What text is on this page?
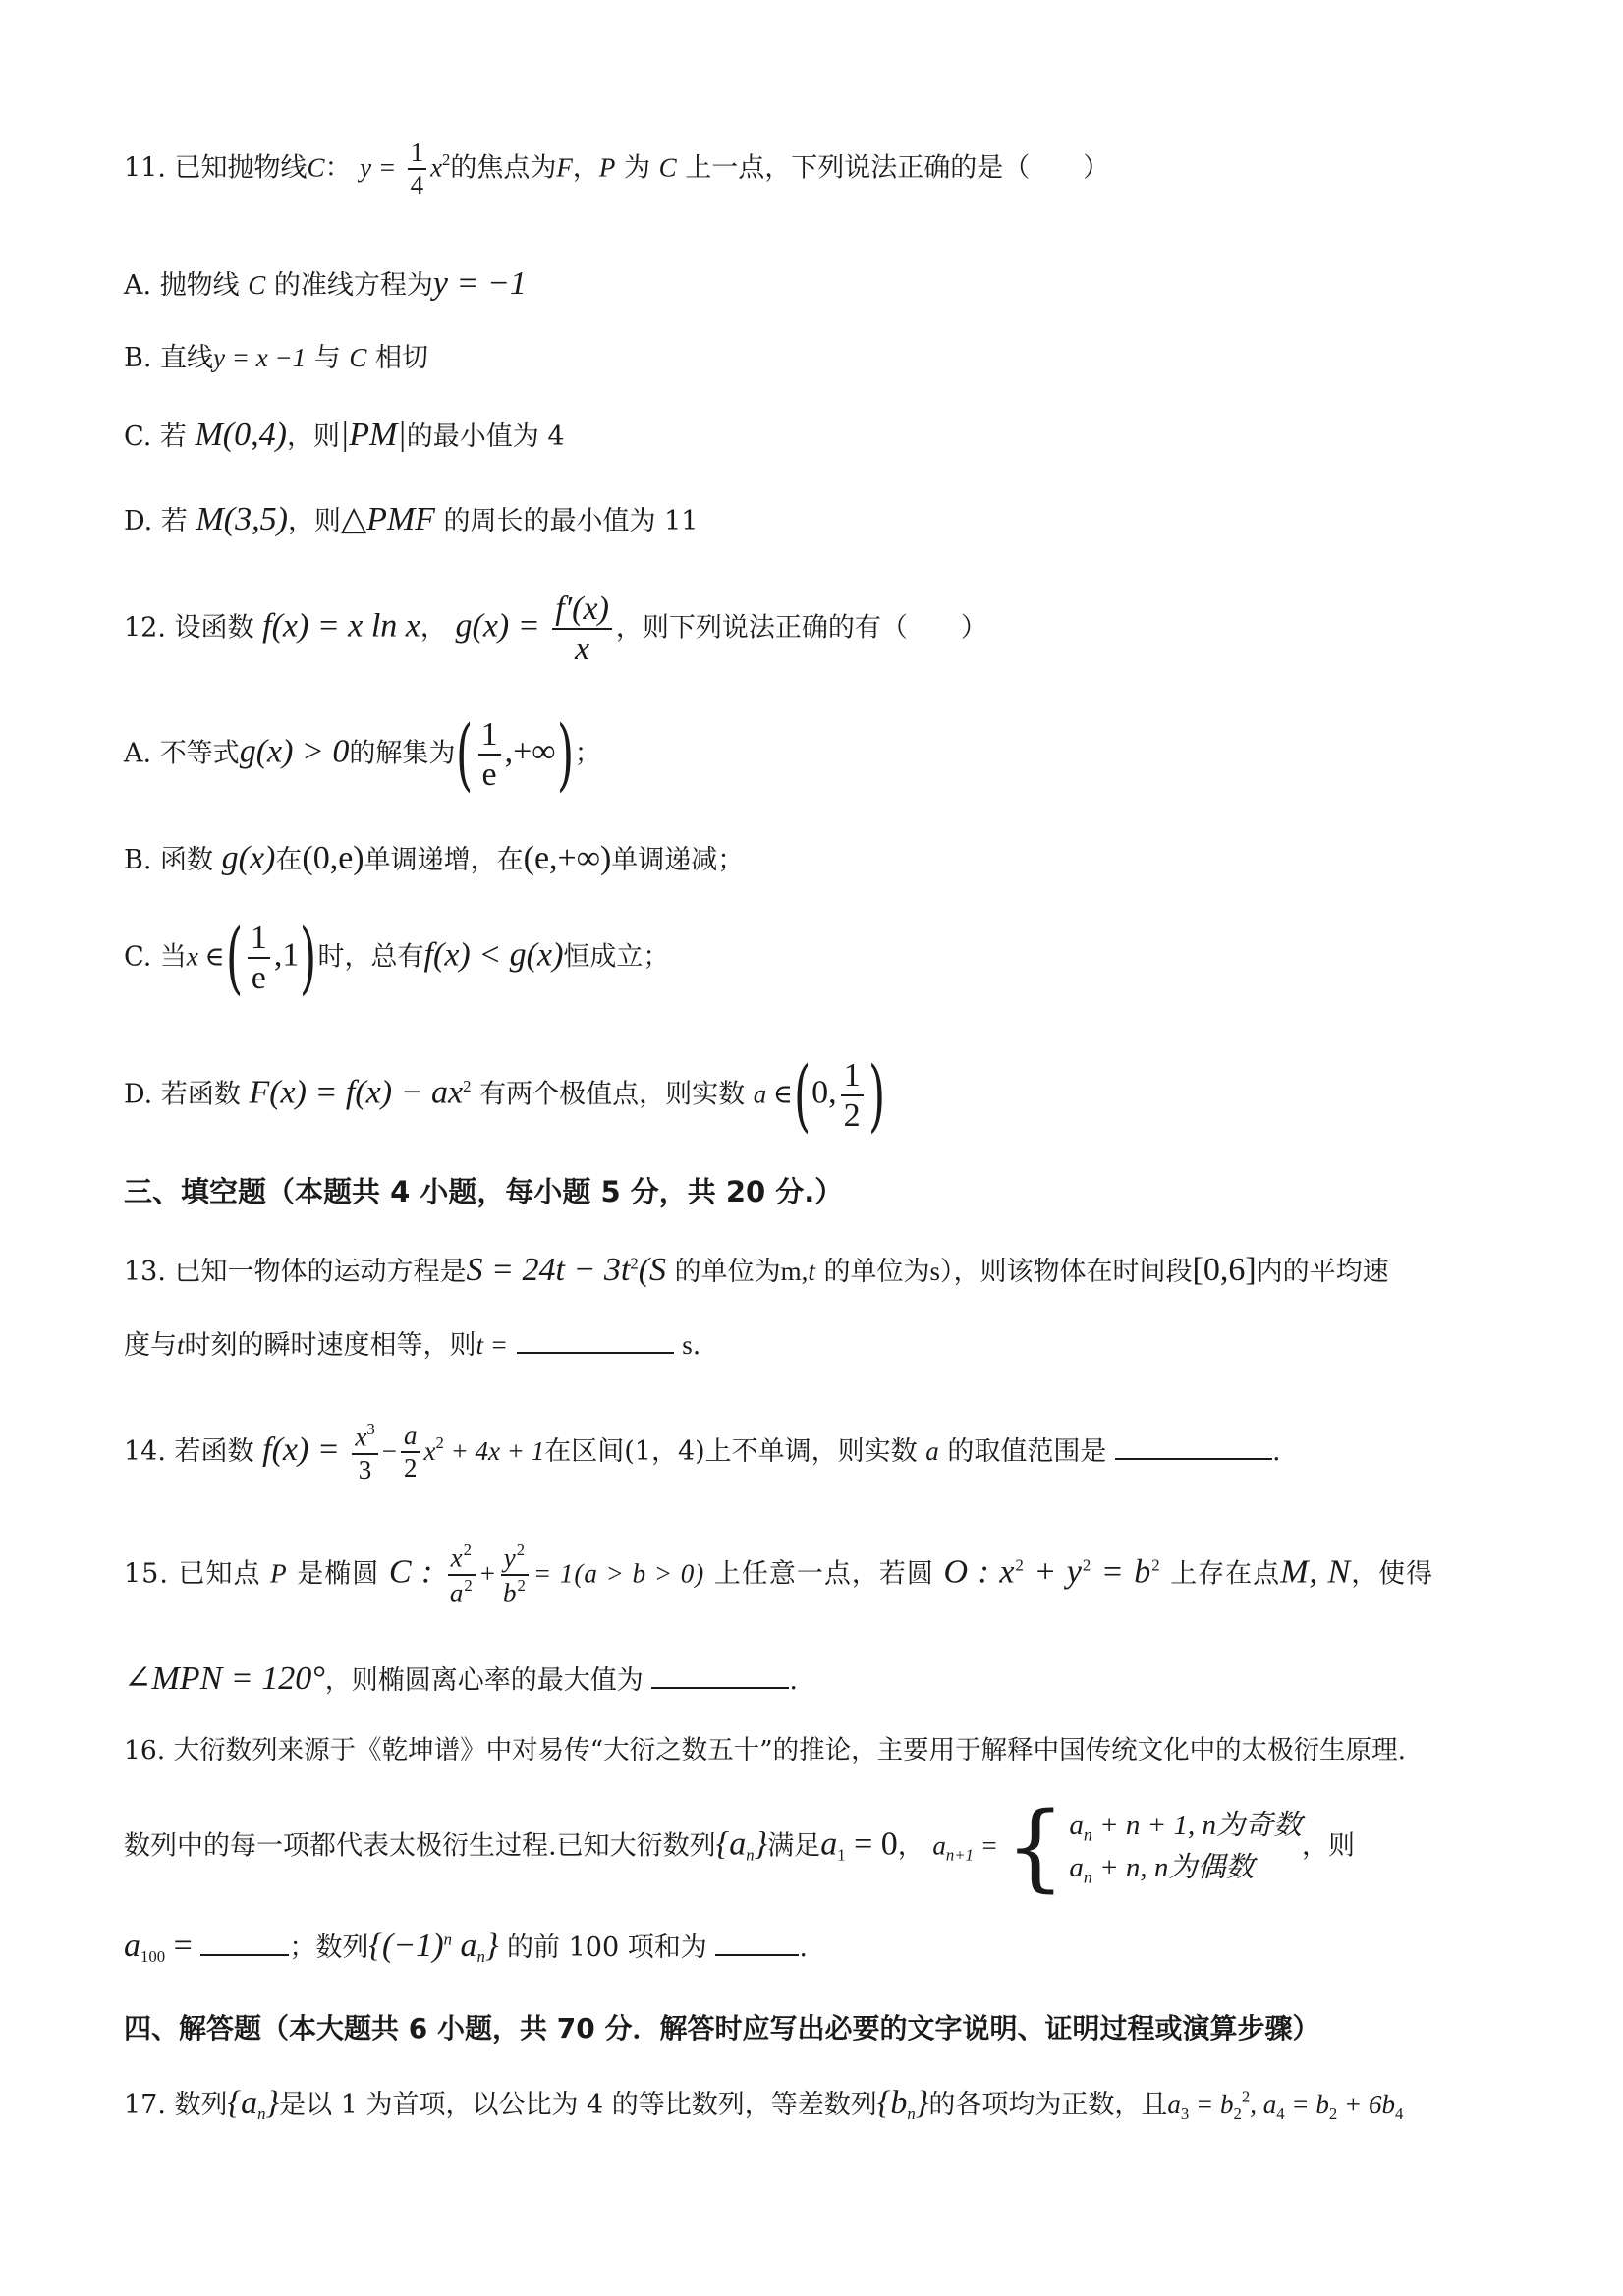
11. 已知抛物线C： $y = \frac{1}{4} x^2$的焦点为F，P 为 C 上一点，下列说法正确的是（　　）
A. 抛物线 C 的准线方程为y = −1
B. 直线y = x −1 与 C 相切
C. 若 M(0,4)，则|PM|的最小值为 4
D. 若 M(3,5)，则△PMF 的周长的最小值为 11
12. 设函数 f(x) = x ln x， $g(x) = \frac{f'(x)}{x}$ ，则下列说法正确的有（　　）
A. 不等式g(x) > 0的解集为( $\frac{1}{e}$ ,+∞)；
B. 函数 g(x)在(0,e)单调递增，在(e,+∞)单调递减；
C. 当x ∈( $\frac{1}{e} ,1$)时，总有f(x) < g(x)恒成立；
D. 若函数 $F(x) = f(x) - ax^2$ 有两个极值点，则实数 a ∈(0, $\frac{1}{2}$ )
三、填空题（本题共 4 小题，每小题 5 分，共 20 分.）
13. 已知一物体的运动方程是$S = 24t - 3t^2(S$ 的单位为m,t 的单位为s），则该物体在时间段[0,6]内的平均速
度与t时刻的瞬时速度相等，则t =	s.
14. 若函数 $f(x) = \frac{x^3}{3} - \frac{a}{2} x^2 + 4x + 1$在区间(1，4)上不单调，则实数 a 的取值范围是	.
15. 已知点 P 是椭圆 C : $\frac{x^2}{a^2} + \frac{y^2}{b^2} = 1(a > b > 0)$ 上任意一点，若圆 O : $x^2 + y^2 = b^2$ 上存在点M, N，使得
∠MPN = 120°，则椭圆离心率的最大值为	.
16. 大衍数列来源于《乾坤谱》中对易传“大衍之数五十”的推论，主要用于解释中国传统文化中的太极衍生原理.
数列中的每一项都代表太极衍生过程.已知大衍数列$\{a_n\}$满足$a_1 = 0$， $a_{n+1}$ = { $a_n + n + 1$, n为奇数
$a_n + n$, n为偶数
，则
$a_{100}$ =	；数列{$(-1)^n$ $a_n$} 的前 100 项和为	.
四、解答题（本大题共 6 小题，共 70 分．解答时应写出必要的文字说明、证明过程或演算步骤）
17. 数列$\{a_n\}$是以 1 为首项，以公比为 4 的等比数列，等差数列$\{b_n\}$的各项均为正数，且$a_3 = b_2^2$, $a_4 = b_2 + 6b_4$
